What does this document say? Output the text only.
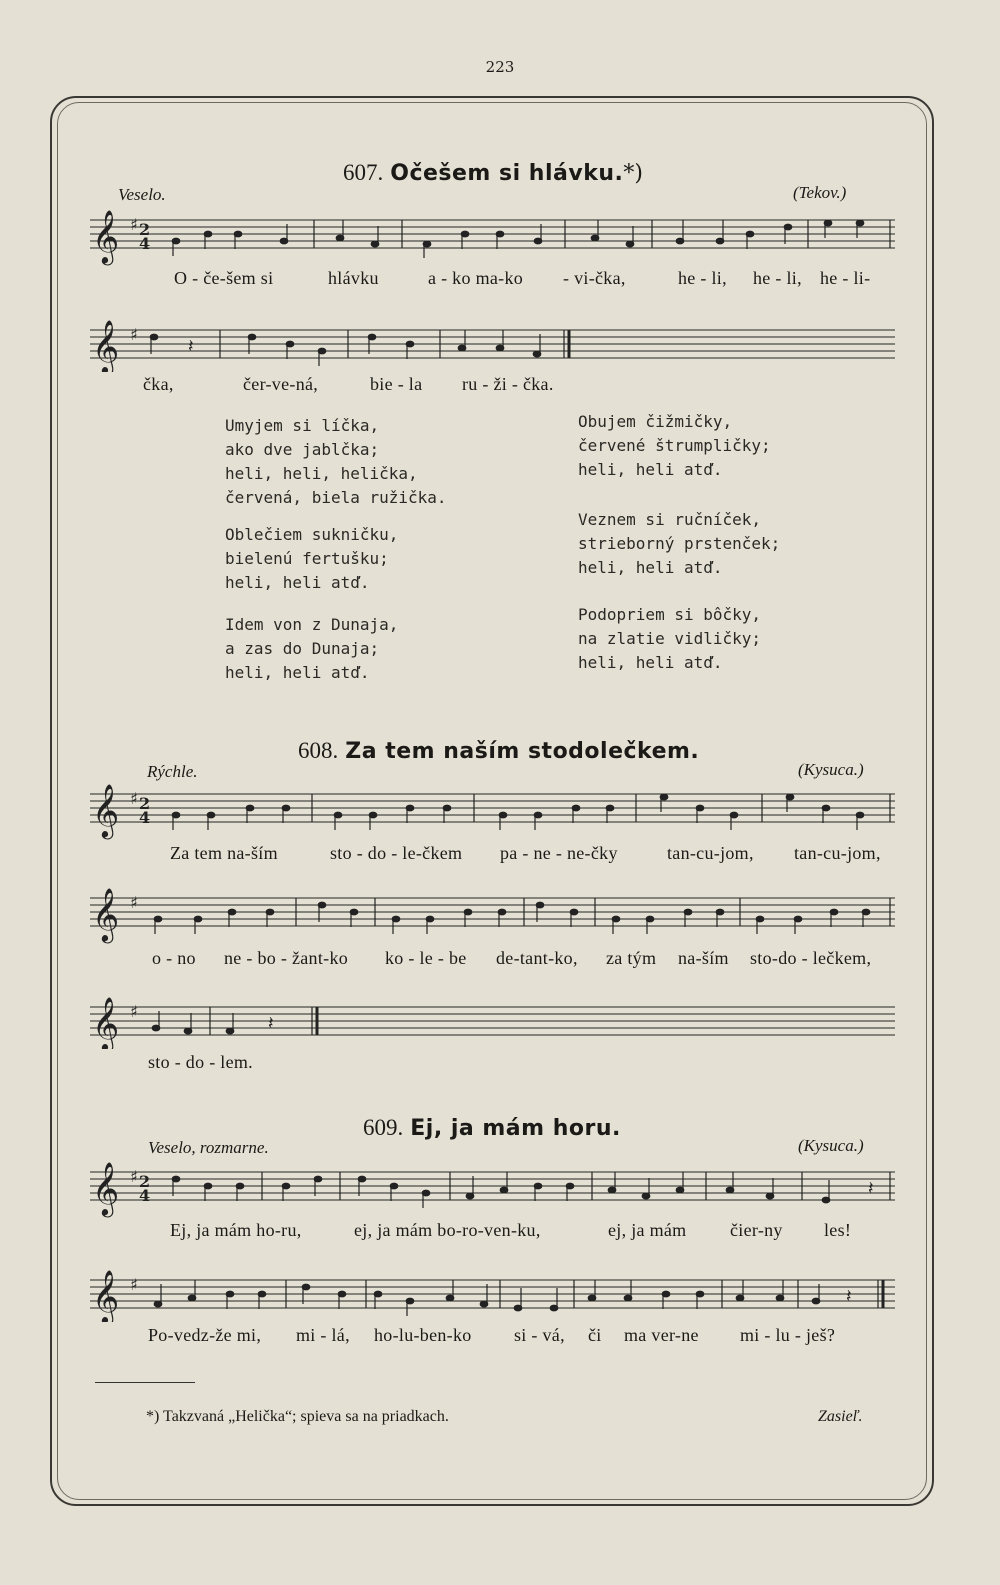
223
607. Očešem si hlávku.*)
Veselo.	(Tekov.)
𝄞 ♯ 2
4
O - če-šem si	hlávku	a - ko ma-ko - vi-čka,	he - li, he - li, he - li-
𝄞 ♯
𝄽
čka,	čer-ve-ná,	bie - la ru - ži - čka.
Umyjem si líčka,
ako dve jablčka;
heli, heli, helička,
červená, biela ružička.
Oblečiem sukničku,
bielenú fertušku;
heli, heli atď.
Idem von z Dunaja,
a zas do Dunaja;
heli, heli atď.
Obujem čižmičky,
červené štrumpličky;
heli, heli atď.
Veznem si ručníček,
strieborný prstenček;
heli, heli atď.
Podopriem si bôčky,
na zlatie vidličky;
heli, heli atď.
608. Za tem naším stodolečkem.
Rýchle.	(Kysuca.)
𝄞 ♯ 2
4
Za tem na-ším	sto - do - le-čkem pa - ne - ne-čky	tan-cu-jom, tan-cu-jom,
𝄞 ♯
o - no ne - bo - žant-ko ko - le - be de-tant-ko, za tým na-ším sto-do - lečkem,
𝄞 ♯
𝄽
sto - do - lem.
609. Ej, ja mám horu.
Veselo, rozmarne.	(Kysuca.)
𝄞 ♯ 2
4	𝄽
Ej, ja mám ho-ru,	ej, ja mám bo-ro-ven-ku,	ej, ja mám čier-ny les!
𝄞 ♯
𝄽
Po-vedz-že mi, mi - lá, ho-lu-ben-ko si - vá, či ma ver-ne mi - lu - ješ?
*) Takzvaná „Helička“; spieva sa na priadkach.	Zasieľ.
